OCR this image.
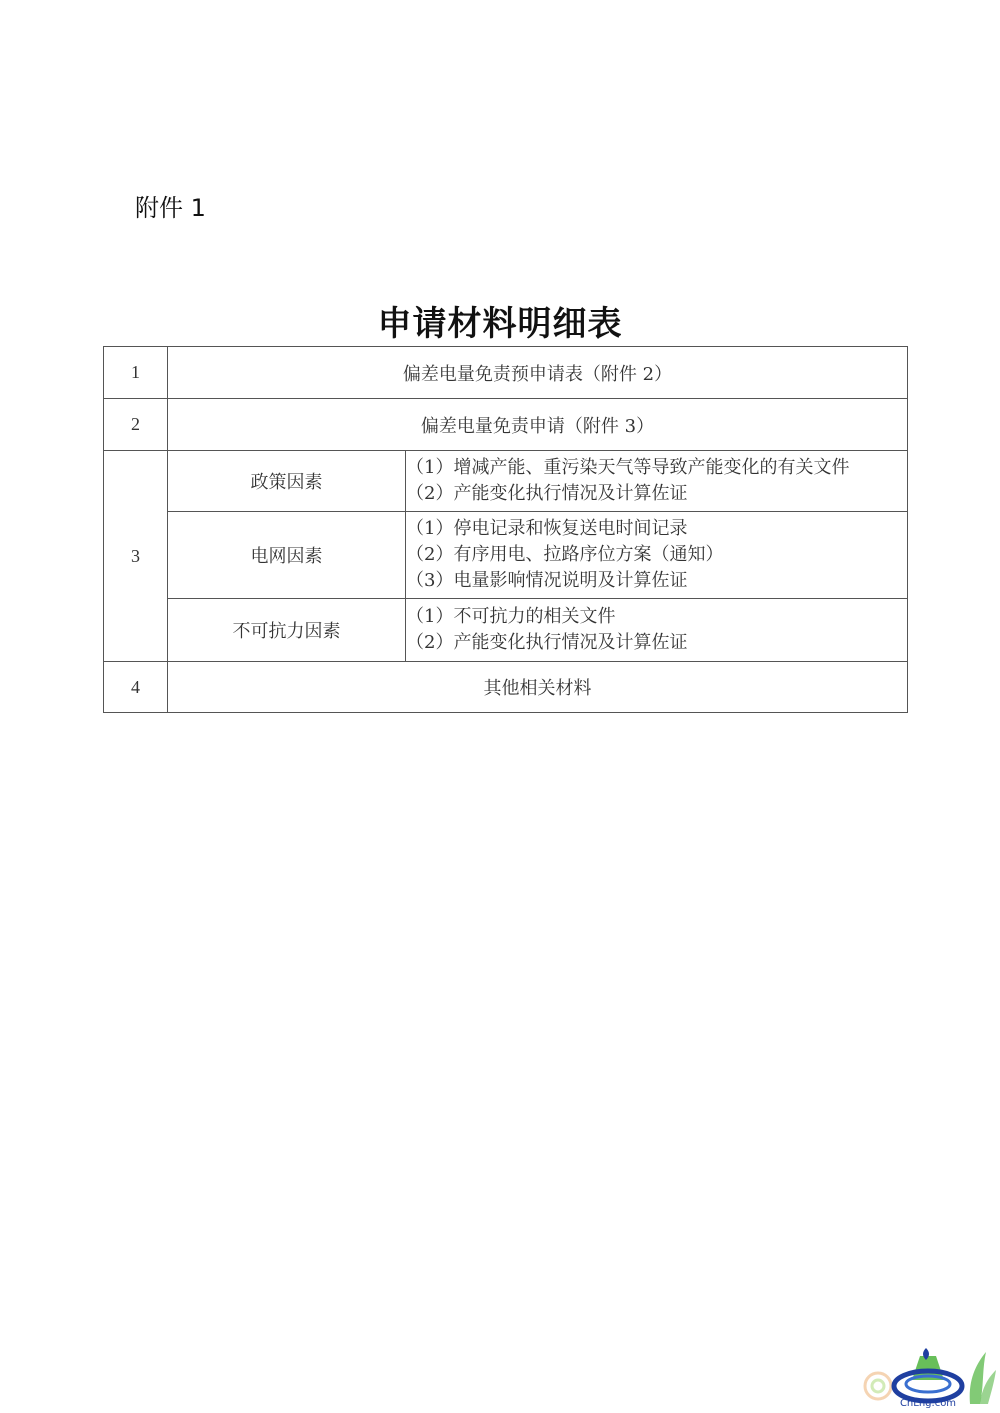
附件 1
申请材料明细表
1	偏差电量免责预申请表（附件 2）	
2	偏差电量免责申请（附件 3）	
3	政策因素	（1）增减产能、重污染天气等导致产能变化的有关文件
（2）产能变化执行情况及计算佐证

	电网因素	（1）停电记录和恢复送电时间记录
（2）有序用电、拉路序位方案（通知）
（3）电量影响情况说明及计算佐证

	不可抗力因素	（1）不可抗力的相关文件
（2）产能变化执行情况及计算佐证

4	其他相关材料	
CnLng.com
